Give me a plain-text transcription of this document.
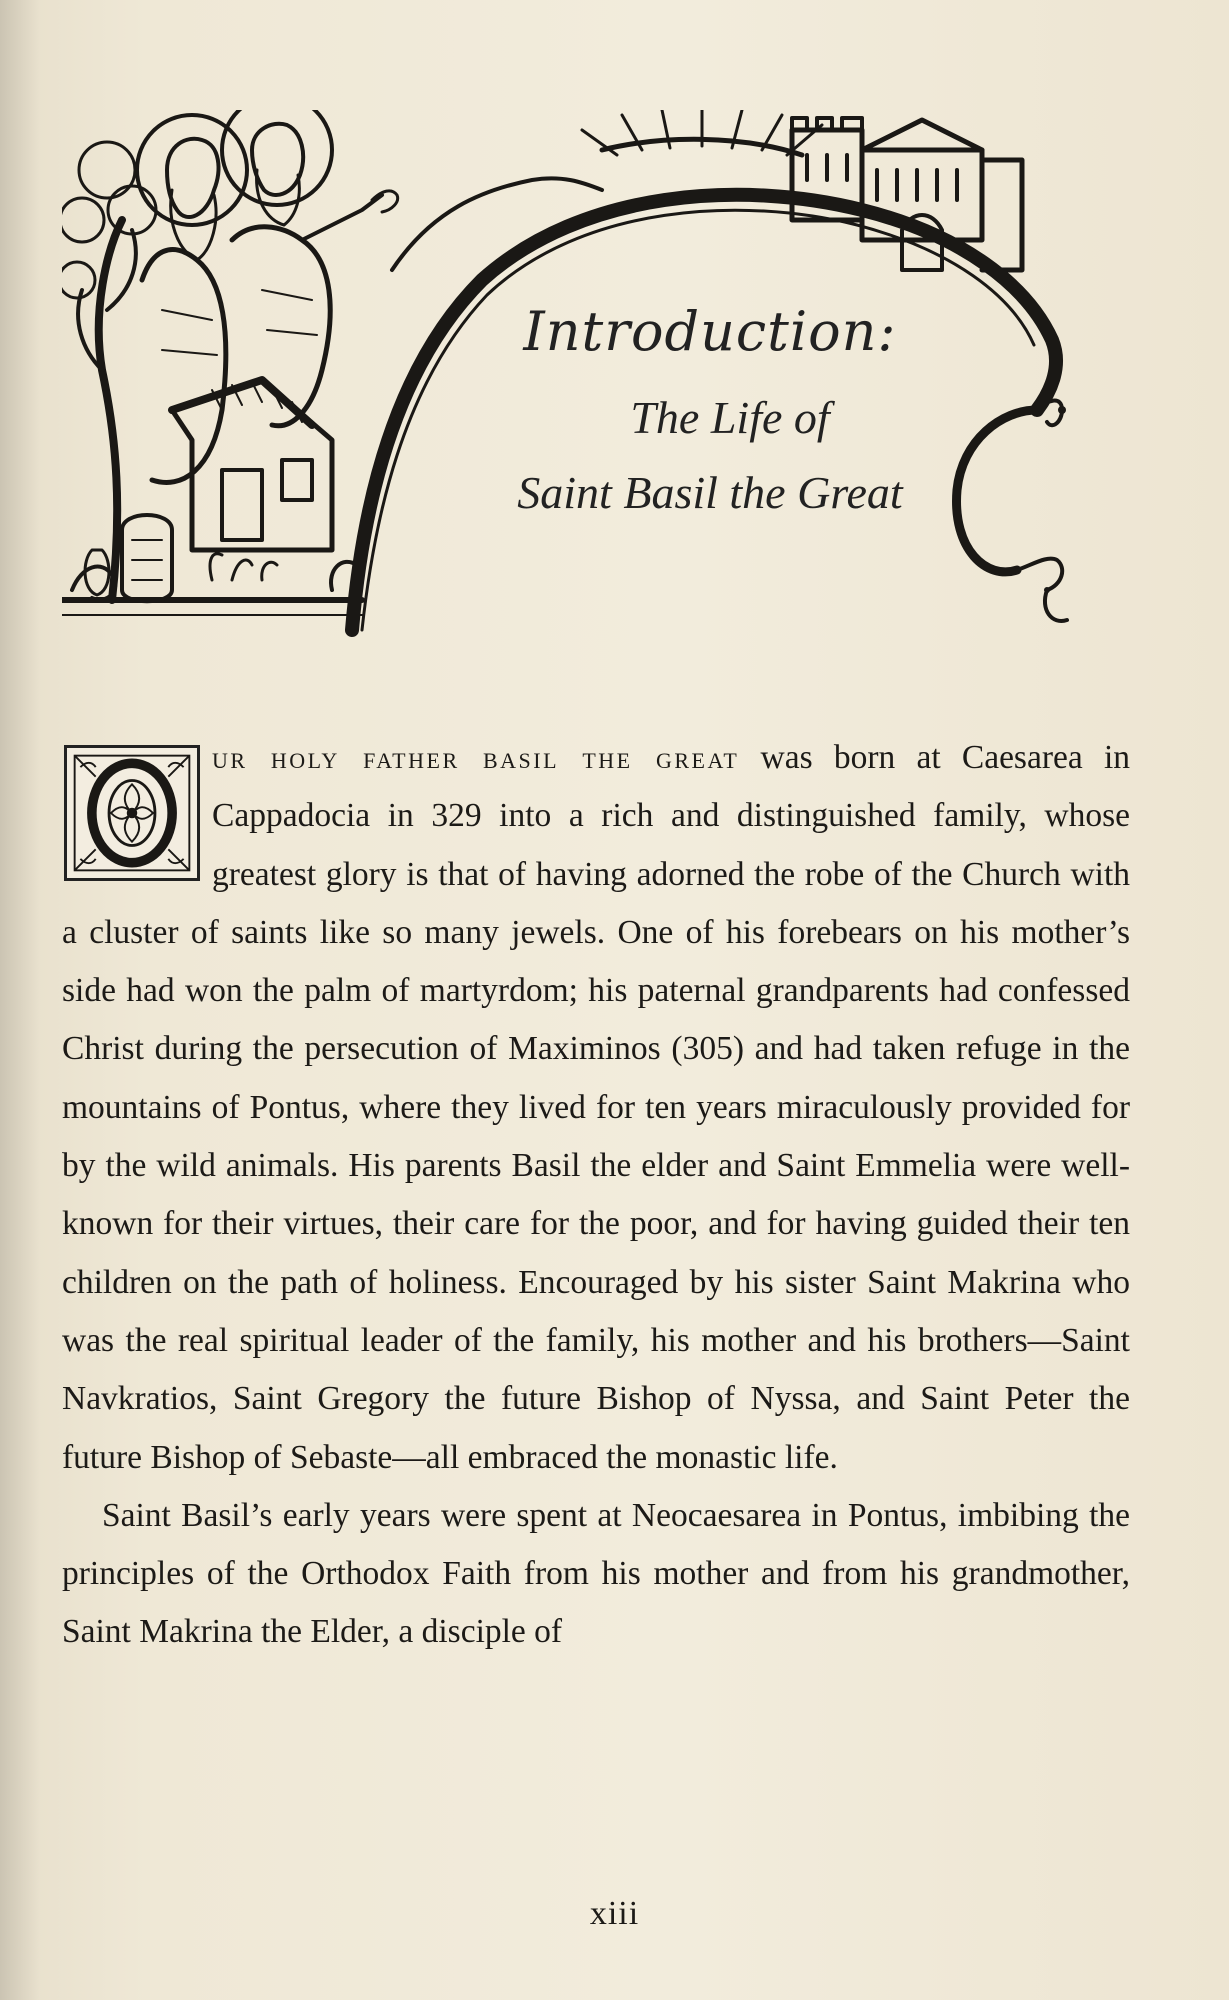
Introduction:
The Life of
Saint Basil the Great
O

ur holy father basil the great was born at Caesarea in Cappadocia in 329 into a rich and distinguished family, whose greatest glory is that of having adorned the robe of the Church with a cluster of saints like so many jewels. One of his forebears on his mother’s side had won the palm of martyrdom; his paternal grandparents had confessed Christ during the persecution of Maximinos (305) and had taken refuge in the mountains of Pontus, where they lived for ten years miraculously provided for by the wild animals. His parents Basil the elder and Saint Emmelia were well-known for their virtues, their care for the poor, and for having guided their ten children on the path of holiness. Encouraged by his sister Saint Makrina who was the real spiritual leader of the family, his mother and his brothers—Saint Navkratios, Saint Gregory the future Bishop of Nyssa, and Saint Peter the future Bishop of Sebaste—all embraced the monastic life.

Saint Basil’s early years were spent at Neocaesarea in Pontus, imbibing the principles of the Orthodox Faith from his mother and from his grandmother, Saint Makrina the Elder, a disciple of

xiii
